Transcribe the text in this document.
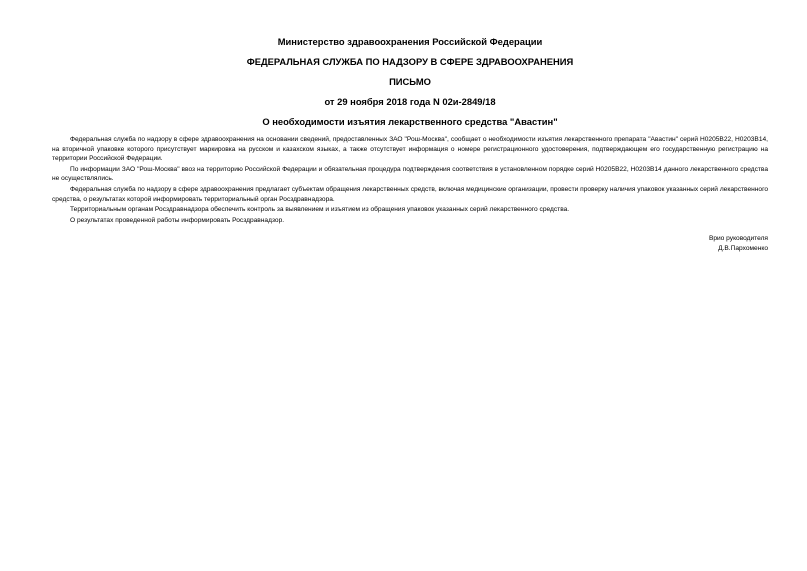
Министерство здравоохранения Российской Федерации

ФЕДЕРАЛЬНАЯ СЛУЖБА ПО НАДЗОРУ В СФЕРЕ ЗДРАВООХРАНЕНИЯ

ПИСЬМО

от 29 ноября 2018 года N 02и-2849/18

О необходимости изъятия лекарственного средства "Авастин"

Федеральная служба по надзору в сфере здравоохранения на основании сведений, предоставленных ЗАО "Рош-Москва", сообщает о необходимости изъятия лекарственного препарата "Авастин" серий H0205B22, H0203B14, на вторичной упаковке которого присутствует маркировка на русском и казахском языках, а также отсутствует информация о номере регистрационного удостоверения, подтверждающем его государственную регистрацию на территории Российской Федерации.

По информации ЗАО "Рош-Москва" ввоз на территорию Российской Федерации и обязательная процедура подтверждения соответствия в установленном порядке серий H0205B22, H0203B14 данного лекарственного средства не осуществлялись.

Федеральная служба по надзору в сфере здравоохранения предлагает субъектам обращения лекарственных средств, включая медицинские организации, провести проверку наличия упаковок указанных серий лекарственного средства, о результатах которой информировать территориальный орган Росздравнадзора.

Территориальным органам Росздравнадзора обеспечить контроль за выявлением и изъятием из обращения упаковок указанных серий лекарственного средства.

О результатах проведенной работы информировать Росздравнадзор.

Врио руководителя
Д.В.Пархоменко
